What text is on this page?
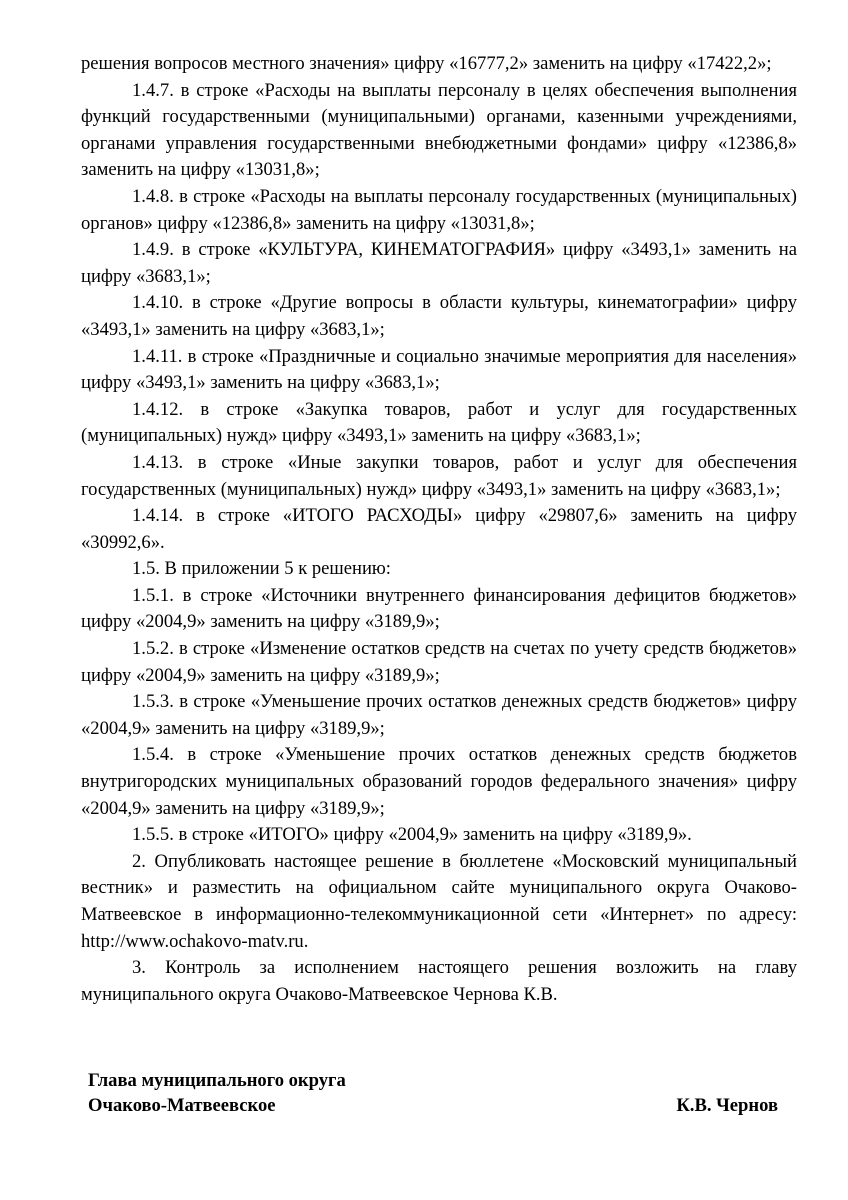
решения вопросов местного значения» цифру «16777,2» заменить на цифру «17422,2»;

1.4.7. в строке «Расходы на выплаты персоналу в целях обеспечения выполнения функций государственными (муниципальными) органами, казенными учреждениями, органами управления государственными внебюджетными фондами» цифру «12386,8» заменить на цифру «13031,8»;

1.4.8. в строке «Расходы на выплаты персоналу государственных (муниципальных) органов» цифру «12386,8» заменить на цифру «13031,8»;

1.4.9. в строке «КУЛЬТУРА, КИНЕМАТОГРАФИЯ» цифру «3493,1» заменить на цифру «3683,1»;

1.4.10. в строке «Другие вопросы в области культуры, кинематографии» цифру «3493,1» заменить на цифру «3683,1»;

1.4.11. в строке «Праздничные и социально значимые мероприятия для населения» цифру «3493,1» заменить на цифру «3683,1»;

1.4.12. в строке «Закупка товаров, работ и услуг для государственных (муниципальных) нужд» цифру «3493,1» заменить на цифру «3683,1»;

1.4.13. в строке «Иные закупки товаров, работ и услуг для обеспечения государственных (муниципальных) нужд» цифру «3493,1» заменить на цифру «3683,1»;

1.4.14. в строке «ИТОГО РАСХОДЫ» цифру «29807,6» заменить на цифру «30992,6».

1.5. В приложении 5 к решению:

1.5.1. в строке «Источники внутреннего финансирования дефицитов бюджетов» цифру «2004,9» заменить на цифру «3189,9»;

1.5.2. в строке «Изменение остатков средств на счетах по учету средств бюджетов» цифру «2004,9» заменить на цифру «3189,9»;

1.5.3. в строке «Уменьшение прочих остатков денежных средств бюджетов» цифру «2004,9» заменить на цифру «3189,9»;

1.5.4. в строке «Уменьшение прочих остатков денежных средств бюджетов внутригородских муниципальных образований городов федерального значения» цифру «2004,9» заменить на цифру «3189,9»;

1.5.5. в строке «ИТОГО» цифру «2004,9» заменить на цифру «3189,9».

2. Опубликовать настоящее решение в бюллетене «Московский муниципальный вестник» и разместить на официальном сайте муниципального округа Очаково-Матвеевское в информационно-телекоммуникационной сети «Интернет» по адресу: http://www.ochakovo-matv.ru.

3. Контроль за исполнением настоящего решения возложить на главу муниципального округа Очаково-Матвеевское Чернова К.В.

Глава муниципального округа
Очаково-Матвеевское	К.В. Чернов
